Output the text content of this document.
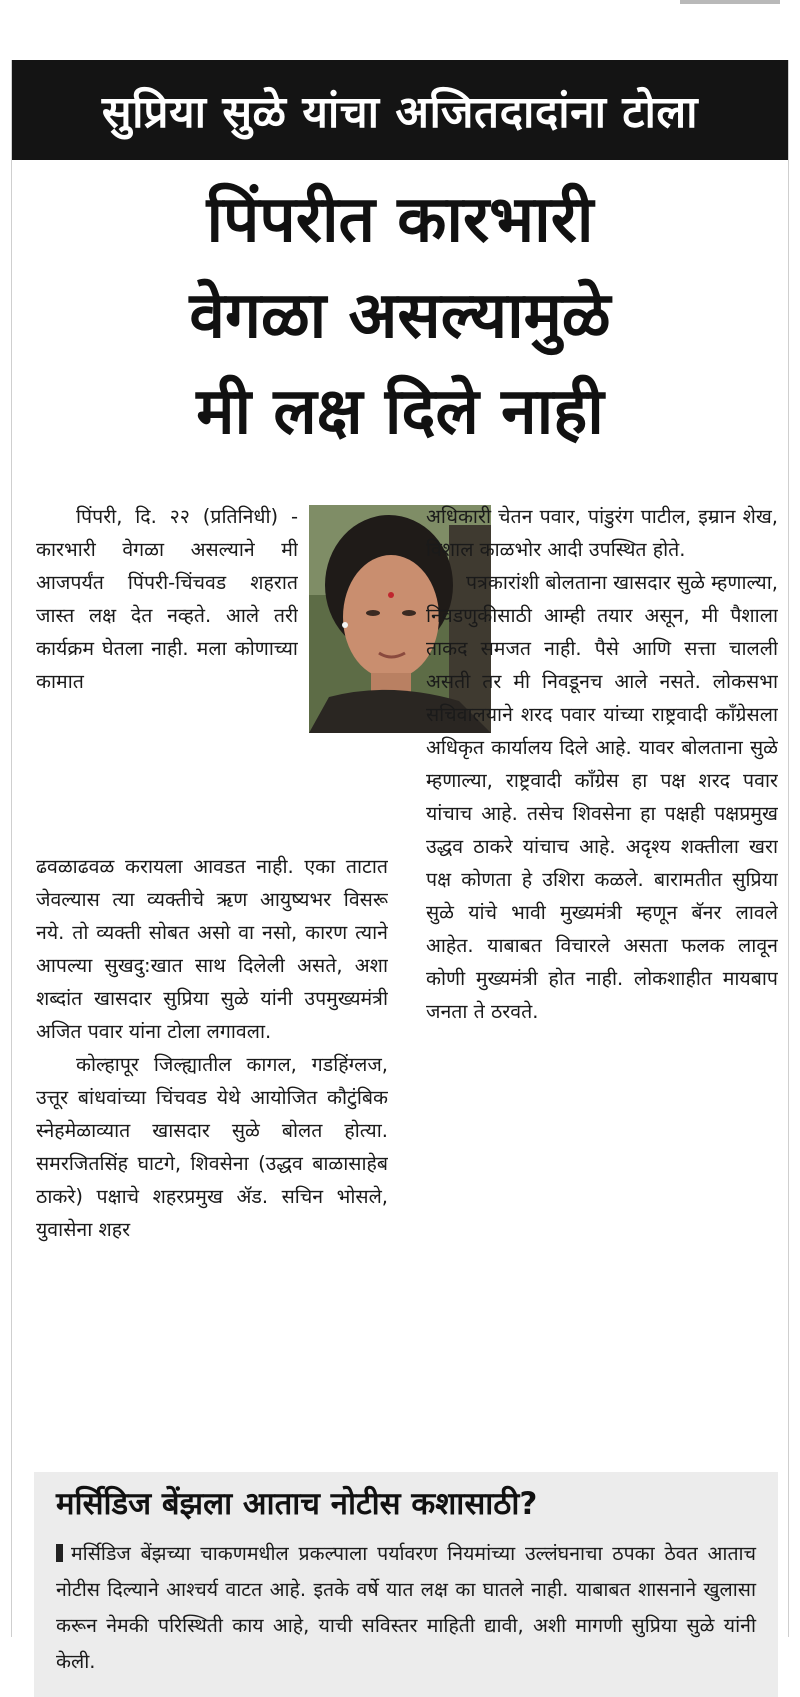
सुप्रिया सुळे यांचा अजितदादांना टोला
पिंपरीत कारभारी
वेगळा असल्यामुळे
मी लक्ष दिले नाही

पिंपरी, दि. २२ (प्रतिनिधी) - कारभारी वेगळा असल्याने मी आजपर्यंत पिंपरी-चिंचवड शहरात जास्त लक्ष देत नव्हते. आले तरी कार्यक्रम घेतला नाही. मला कोणाच्या कामात

ढवळाढवळ करायला आवडत नाही. एका ताटात जेवल्यास त्या व्यक्तीचे ऋण आयुष्यभर विसरू नये. तो व्यक्ती सोबत असो वा नसो, कारण त्याने आपल्या सुखदु:खात साथ दिलेली असते, अशा शब्दांत खासदार सुप्रिया सुळे यांनी उपमुख्यमंत्री अजित पवार यांना टोला लगावला.

कोल्हापूर जिल्ह्यातील कागल, गडहिंग्लज, उत्तूर बांधवांच्या चिंचवड येथे आयोजित कौटुंबिक स्नेहमेळाव्यात खासदार सुळे बोलत होत्या. समरजितसिंह घाटगे, शिवसेना (उद्धव बाळासाहेब ठाकरे) पक्षाचे शहरप्रमुख ॲड. सचिन भोसले, युवासेना शहर

अधिकारी चेतन पवार, पांडुरंग पाटील, इम्रान शेख, विशाल काळभोर आदी उपस्थित होते.

पत्रकारांशी बोलताना खासदार सुळे म्हणाल्या, निवडणुकीसाठी आम्ही तयार असून, मी पैशाला ताकद समजत नाही. पैसे आणि सत्ता चालली असती तर मी निवडूनच आले नसते. लोकसभा सचिवालयाने शरद पवार यांच्या राष्ट्रवादी काँग्रेसला अधिकृत कार्यालय दिले आहे. यावर बोलताना सुळे म्हणाल्या, राष्ट्रवादी काँग्रेस हा पक्ष शरद पवार यांचाच आहे. तसेच शिवसेना हा पक्षही पक्षप्रमुख उद्धव ठाकरे यांचाच आहे. अदृश्य शक्तीला खरा पक्ष कोणता हे उशिरा कळले. बारामतीत सुप्रिया सुळे यांचे भावी मुख्यमंत्री म्हणून बॅनर लावले आहेत. याबाबत विचारले असता फलक लावून कोणी मुख्यमंत्री होत नाही. लोकशाहीत मायबाप जनता ते ठरवते.

मर्सिडिज बेंझला आताच नोटीस कशासाठी?
मर्सिडिज बेंझच्या चाकणमधील प्रकल्पाला पर्यावरण नियमांच्या उल्लंघनाचा ठपका ठेवत आताच नोटीस दिल्याने आश्चर्य वाटत आहे. इतके वर्षे यात लक्ष का घातले नाही. याबाबत शासनाने खुलासा करून नेमकी परिस्थिती काय आहे, याची सविस्तर माहिती द्यावी, अशी मागणी सुप्रिया सुळे यांनी केली.
